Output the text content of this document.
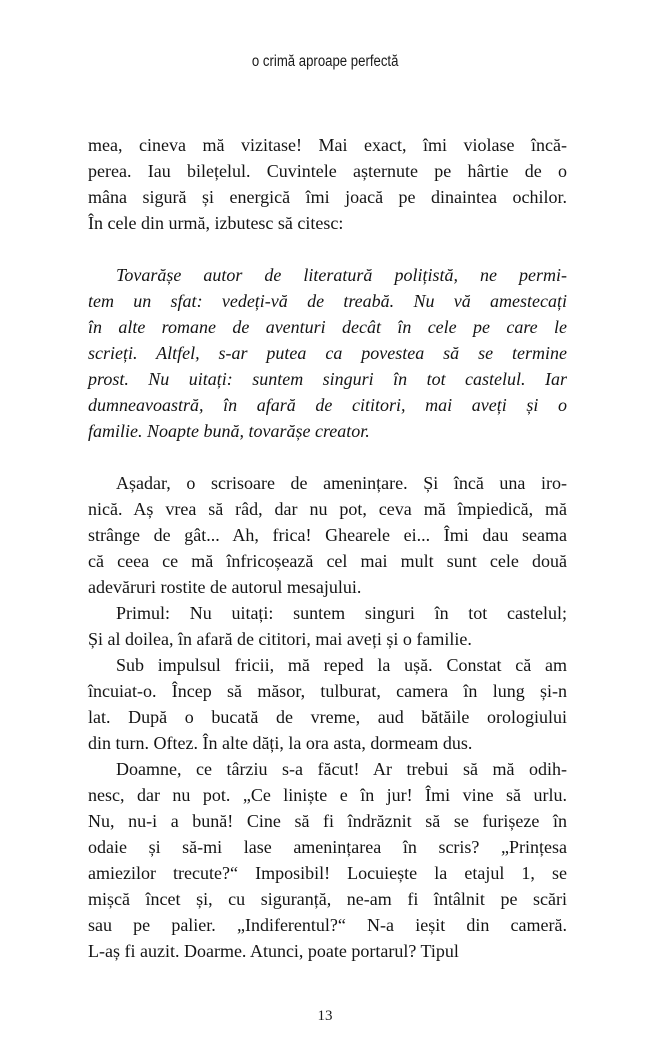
o crimă aproape perfectă
mea, cineva mă vizitase! Mai exact, îmi violase încă-
perea. Iau bilețelul. Cuvintele așternute pe hârtie de o
mâna sigură și energică îmi joacă pe dinaintea ochilor.
În cele din urmă, izbutesc să citesc:
Tovarășe autor de literatură polițistă, ne permi-
tem un sfat: vedeți-vă de treabă. Nu vă amestecați
în alte romane de aventuri decât în cele pe care le
scrieți. Altfel, s-ar putea ca povestea să se termine
prost. Nu uitați: suntem singuri în tot castelul. Iar
dumneavoastră, în afară de cititori, mai aveți și o
familie. Noapte bună, tovarășe creator.
Așadar, o scrisoare de amenințare. Și încă una iro-
nică. Aș vrea să râd, dar nu pot, ceva mă împiedică, mă
strânge de gât... Ah, frica! Ghearele ei... Îmi dau seama
că ceea ce mă înfricoșează cel mai mult sunt cele două
adevăruri rostite de autorul mesajului.
Primul: Nu uitați: suntem singuri în tot castelul;
Și al doilea, în afară de cititori, mai aveți și o familie.
Sub impulsul fricii, mă reped la ușă. Constat că am
încuiat-o. Încep să măsor, tulburat, camera în lung și-n
lat. După o bucată de vreme, aud bătăile orologiului
din turn. Oftez. În alte dăți, la ora asta, dormeam dus.
Doamne, ce târziu s-a făcut! Ar trebui să mă odih-
nesc, dar nu pot. „Ce liniște e în jur! Îmi vine să urlu.
Nu, nu-i a bună! Cine să fi îndrăznit să se furișeze în
odaie și să-mi lase amenințarea în scris? „Prințesa
amiezilor trecute?“ Imposibil! Locuiește la etajul 1, se
mișcă încet și, cu siguranță, ne-am fi întâlnit pe scări
sau pe palier. „Indiferentul?“ N-a ieșit din cameră.
L-aș fi auzit. Doarme. Atunci, poate portarul? Tipul
13
